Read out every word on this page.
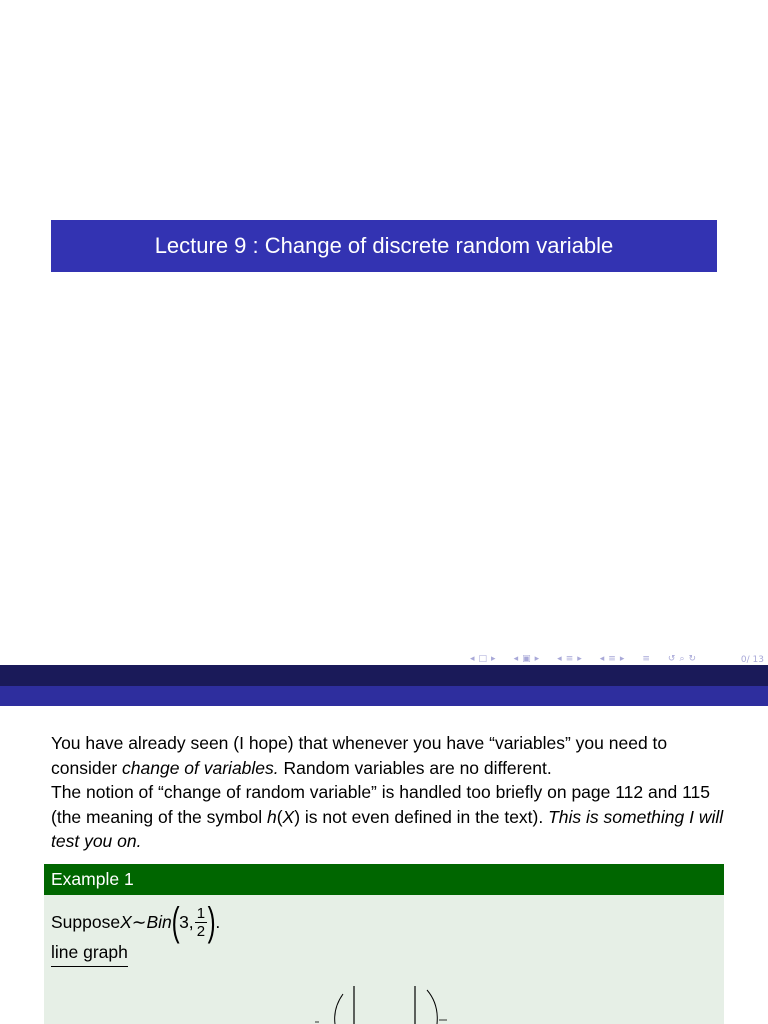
Lecture 9 : Change of discrete random variable
◂ □ ▸ ◂ ▣ ▸ ◂ ≡ ▸ ◂ ≡ ▸ ≡ ↺ ⌕ ↻	0/ 13

You have already seen (I hope) that whenever you have “variables” you need to consider change of variables. Random variables are no different.

The notion of “change of random variable” is handled too briefly on page 112 and 115 (the meaning of the symbol h(X) is not even defined in the text). This is something I will test you on.

Example 1
Suppose X ∼ Bin ( 3, $\frac{1}{2}$ ) .
line graph
